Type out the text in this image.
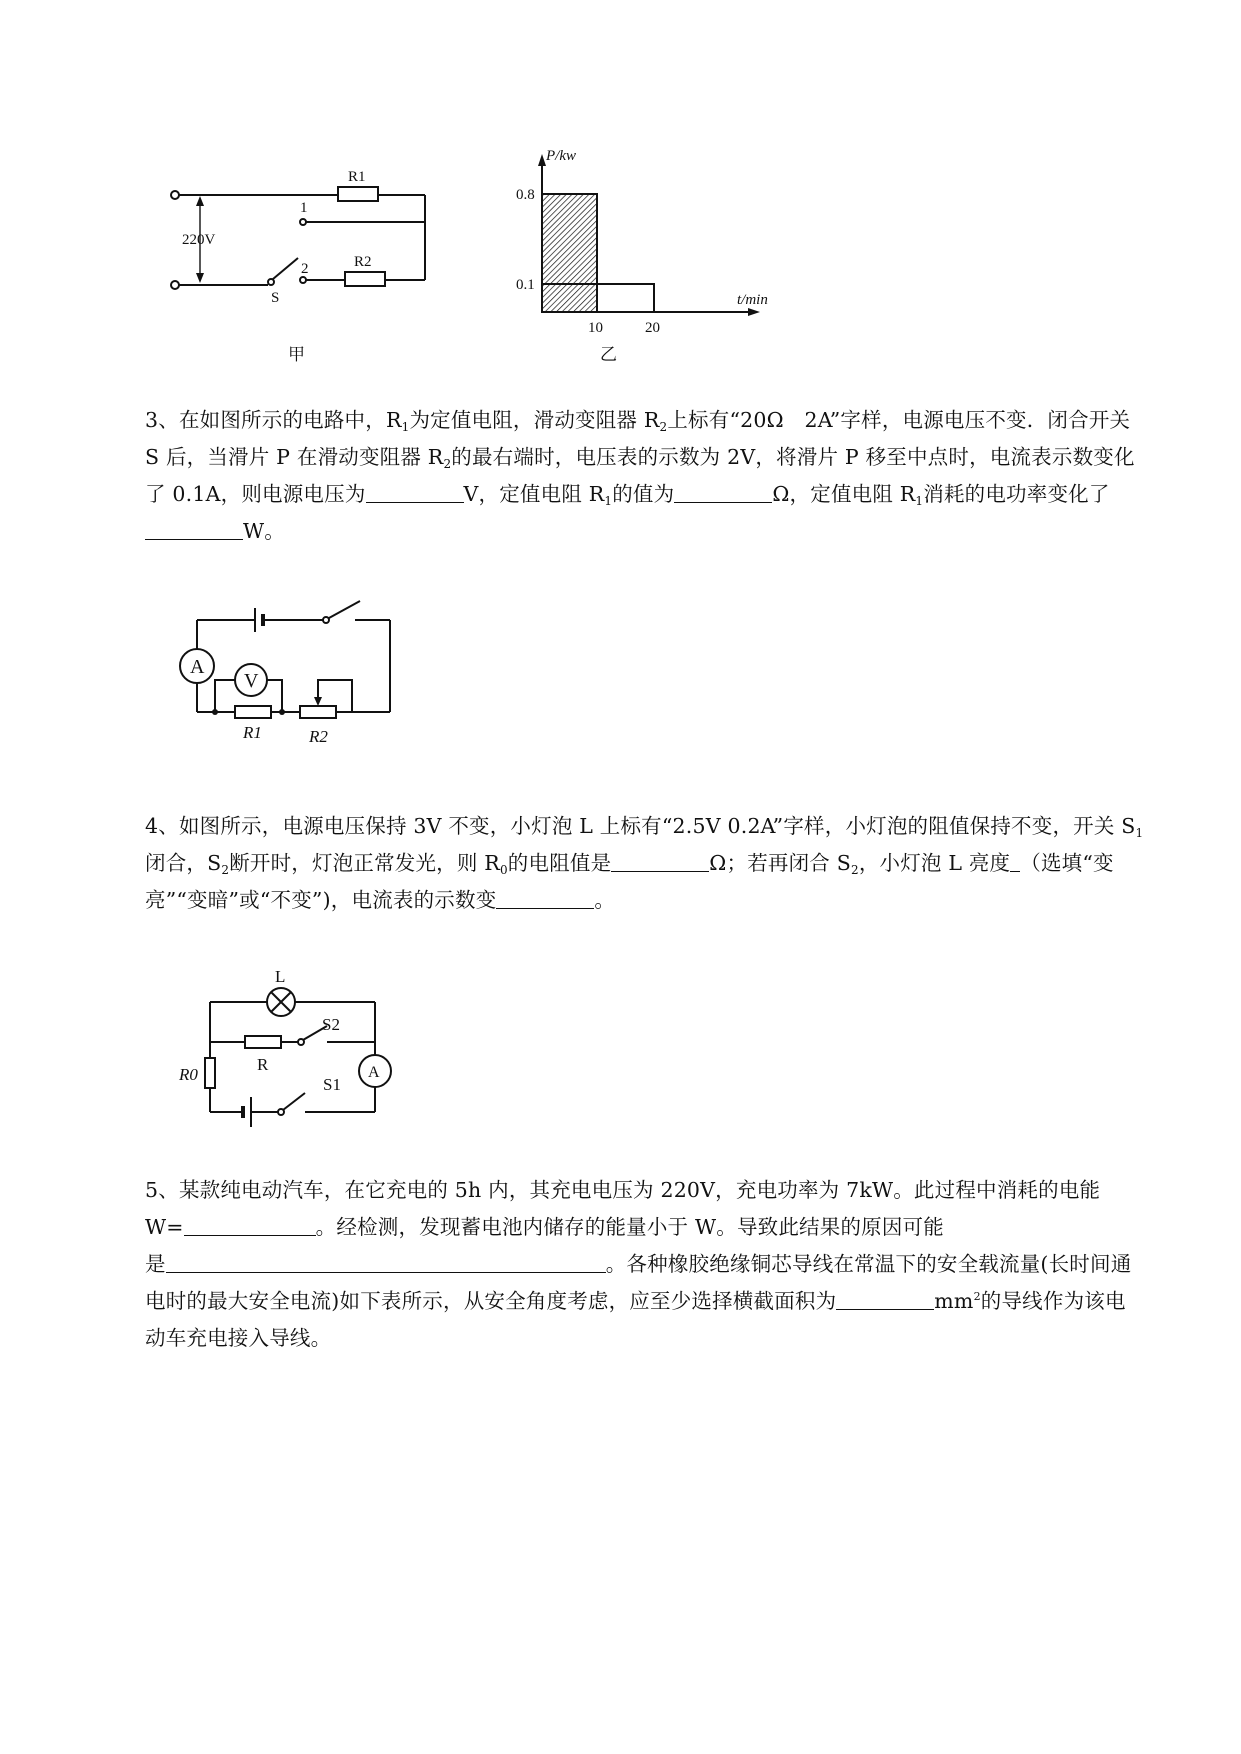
R1
220V
1
S
2	R2
甲
P/kw
t/min
0.8
0.1
10	20
乙

3、在如图所示的电路中，$R_1$为定值电阻，滑动变阻器 $R_2$上标有“20Ω　2A”字样，电源电压不变．闭合开关 S 后，当滑片 P 在滑动变阻器 $R_2$的最右端时，电压表的示数为 2V，将滑片 P 移至中点时，电流表示数变化了 0.1A，则电源电压为	V，定值电阻 $R_1$的值为	Ω，定值电阻 $R_1$消耗的电功率变化了W。

A
V
R1	R2

4、如图所示，电源电压保持 3V 不变，小灯泡 L 上标有“2.5V 0.2A”字样，小灯泡的阻值保持不变，开关 $S_1$闭合，$S_2$断开时，灯泡正常发光，则 $R_0$的电阻值是	Ω；若再闭合 $S_2$，小灯泡 L 亮度 （选填“变亮”“变暗”或“不变”)，电流表的示数变	。

L
R
S2
S1
R0	A

5、某款纯电动汽车，在它充电的 5h 内，其充电电压为 220V，充电功率为 7kW。此过程中消耗的电能 W=	。经检测，发现蓄电池内储存的能量小于 W。导致此结果的原因可能

是	。各种橡胶绝缘铜芯导线在常温下的安全载流量(长时间通电时的最大安全电流)如下表所示，从安全角度考虑，应至少选择横截面积为	$mm^2$的导线作为该电动车充电接入导线。
